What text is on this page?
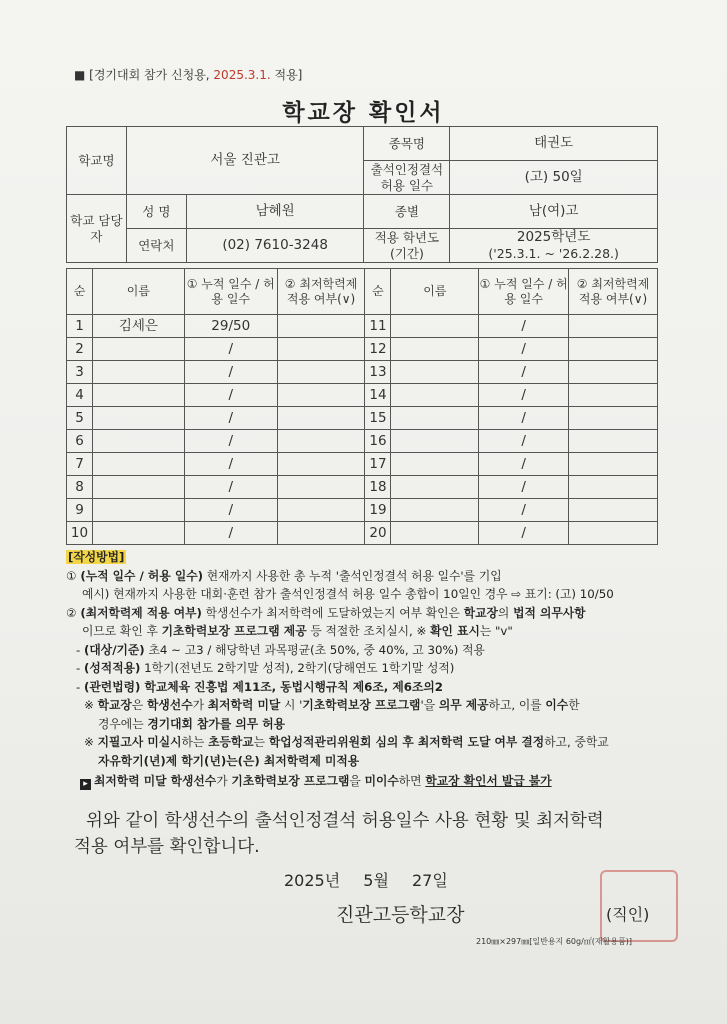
■ [경기대회 참가 신청용, 2025.3.1. 적용]
학교장 확인서
학교명	서울 진관고		종목명	태권도
			출석인정결석 허용 일수	(고) 50일
학교 담당자	성 명	남혜원	종별	남(여)고
	연락처	(02) 7610-3248	적용 학년도 (기간)	2025학년도
('25.3.1. ~ '26.2.28.)
순	이름	① 누적 일수 / 허용 일수	② 최저학력제 적용 여부(∨)	순	이름	① 누적 일수 / 허용 일수	② 최저학력제 적용 여부(∨)
1	김세은	29/50		11		/	
2		/		12		/	
3		/		13		/	
4		/		14		/	
5		/		15		/	
6		/		16		/	
7		/		17		/	
8		/		18		/	
9		/		19		/	
10		/		20		/	
[작성방법]
① (누적 일수 / 허용 일수) 현재까지 사용한 총 누적 '출석인정결석 허용 일수'를 기입
예시) 현재까지 사용한 대회·훈련 참가 출석인정결석 허용 일수 총합이 10일인 경우 ⇨ 표기: (고) 10/50
② (최저학력제 적용 여부) 학생선수가 최저학력에 도달하였는지 여부 확인은 학교장의 법적 의무사항
이므로 확인 후 기초학력보장 프로그램 제공 등 적절한 조치실시, ※ 확인 표시는 "v"
- (대상/기준) 초4 ~ 고3 / 해당학년 과목평균(초 50%, 중 40%, 고 30%) 적용
- (성적적용) 1학기(전년도 2학기말 성적), 2학기(당해연도 1학기말 성적)
- (관련법령) 학교체육 진흥법 제11조, 동법시행규칙 제6조, 제6조의2
※ 학교장은 학생선수가 최저학력 미달 시 '기초학력보장 프로그램'을 의무 제공하고, 이를 이수한
경우에는 경기대회 참가를 의무 허용
※ 지필고사 미실시하는 초등학교는 학업성적관리위원회 심의 후 최저학력 도달 여부 결정하고, 중학교
자유학기(년)제 학기(년)는(은) 최저학력제 미적용
▸ 최저학력 미달 학생선수가 기초학력보장 프로그램을 미이수하면 학교장 확인서 발급 불가
위와 같이 학생선수의 출석인정결석 허용일수 사용 현황 및 최저학력
적용 여부를 확인합니다.
2025년 5월 27일
진관고등학교장	(직인)
210㎜×297㎜[일반용지 60g/㎡(재활용품)]
